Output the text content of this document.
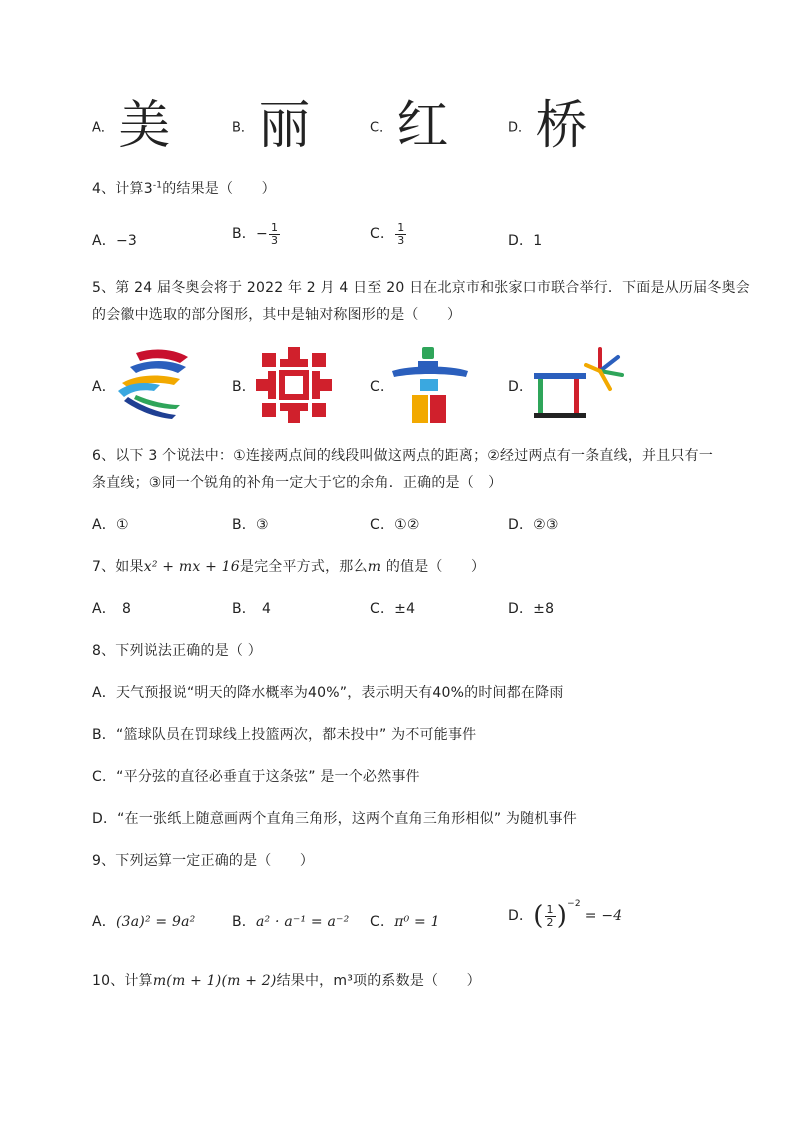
A． 美	B． 丽	C． 红	D． 桥
4、计算$3^{-1}$的结果是（　　）
A．−3	B．− $\frac{1}{3}$	C． $\frac{1}{3}$	D．1
5、第 24 届冬奥会将于 2022 年 2 月 4 日至 20 日在北京市和张家口市联合举行．下面是从历届冬奥会
的会徽中选取的部分图形，其中是轴对称图形的是（　　）
A．	B．	C．	D．
6、以下 3 个说法中：①连接两点间的线段叫做这两点的距离；②经过两点有一条直线，并且只有一
条直线；③同一个锐角的补角一定大于它的余角．正确的是（　）
A．①	B．③	C．①②	D．②③
7、如果x² + mx + 16是完全平方式，那么m 的值是（　　）
A． 8	B． 4	C．±4	D．±8
8、下列说法正确的是（ ）
A．天气预报说“明天的降水概率为40%”，表示明天有40%的时间都在降雨
B．“篮球队员在罚球线上投篮两次，都未投中” 为不可能事件
C．“平分弦的直径必垂直于这条弦” 是一个必然事件
D．“在一张纸上随意画两个直角三角形，这两个直角三角形相似” 为随机事件
9、下列运算一定正确的是（　　）
A．(3a)² = 9a²	B．a² · a⁻¹ = a⁻² C．π⁰ = 1	D．( $\frac{1}{2} )^{-2}= -4$
10、计算m(m + 1)(m + 2)结果中，m³项的系数是（　　）
